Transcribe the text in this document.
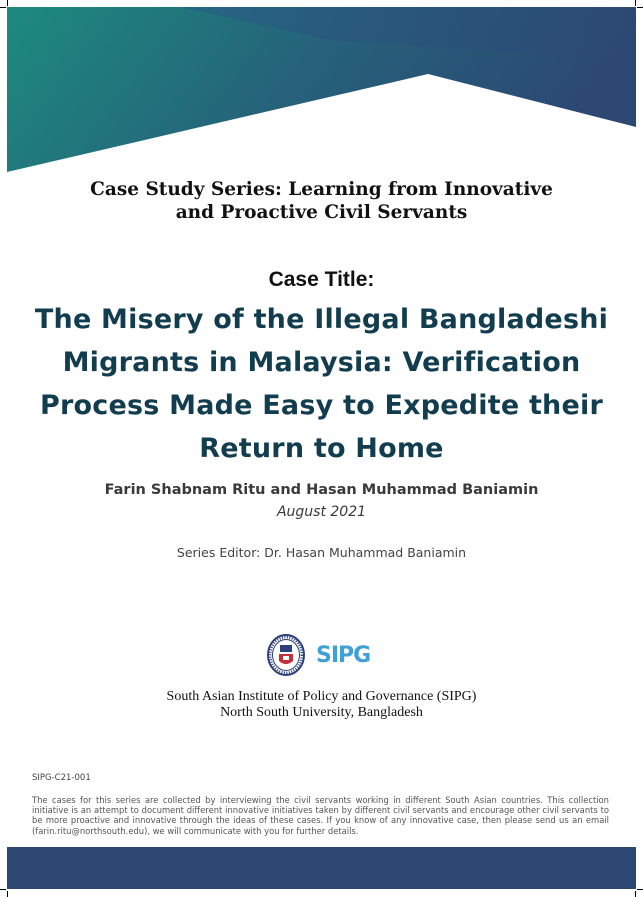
Case Study Series: Learning from Innovative
and Proactive Civil Servants
Case Title:
The Misery of the Illegal Bangladeshi
Migrants in Malaysia: Verification
Process Made Easy to Expedite their
Return to Home
Farin Shabnam Ritu and Hasan Muhammad Baniamin
August 2021
Series Editor: Dr. Hasan Muhammad Baniamin
SIPG
South Asian Institute of Policy and Governance (SIPG)
North South University, Bangladesh
SIPG-C21-001
The cases for this series are collected by interviewing the civil servants working in different South Asian countries. This collection initiative is an attempt to document different innovative initiatives taken by different civil servants and encourage other civil servants to be more proactive and innovative through the ideas of these cases. If you know of any innovative case, then please send us an email (farin.ritu@northsouth.edu), we will communicate with you for further details.
